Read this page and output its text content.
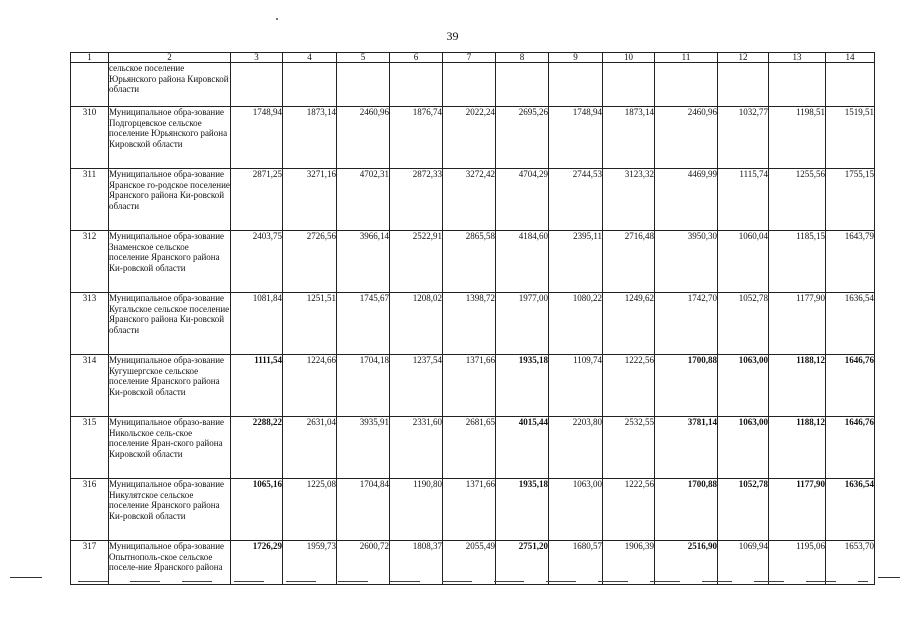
39
1	2	3	4	5	6	7	8	9	10	11	12	13	14
	сельское поселение Юрьянского района Кировской области												
310	Муниципальное обра-зование Подгорцевское сельское поселение Юрьянского района Кировской области	1748,94	1873,14	2460,96	1876,74	2022,24	2695,26	1748,94	1873,14	2460,96	1032,77	1198,51	1519,51
311	Муниципальное обра-зование Яранское го-родское поселение Яранского района Ки-ровской области	2871,25	3271,16	4702,31	2872,33	3272,42	4704,29	2744,53	3123,32	4469,99	1115,74	1255,56	1755,15
312	Муниципальное обра-зование Знаменское сельское поселение Яранского района Ки-ровской области	2403,75	2726,56	3966,14	2522,91	2865,58	4184,60	2395,11	2716,48	3950,30	1060,04	1185,15	1643,79
313	Муниципальное обра-зование Кугальское сельское поселение Яранского района Ки-ровской области	1081,84	1251,51	1745,67	1208,02	1398,72	1977,00	1080,22	1249,62	1742,70	1052,78	1177,90	1636,54
314	Муниципальное обра-зование Кугушергское сельское поселение Яранского района Ки-ровской области	1111,54	1224,66	1704,18	1237,54	1371,66	1935,18	1109,74	1222,56	1700,88	1063,00	1188,12	1646,76
315	Муниципальное образо-вание Никольское сель-ское поселение Яран-ского района Кировской области	2288,22	2631,04	3935,91	2331,60	2681,65	4015,44	2203,80	2532,55	3781,14	1063,00	1188,12	1646,76
316	Муниципальное обра-зование Никулятское сельское поселение Яранского района Ки-ровской области	1065,16	1225,08	1704,84	1190,80	1371,66	1935,18	1063,00	1222,56	1700,88	1052,78	1177,90	1636,54
317	Муниципальное обра-зование Опытнополь-ское сельское поселе-ние Яранского района	1726,29	1959,73	2600,72	1808,37	2055,49	2751,20	1680,57	1906,39	2516,90	1069,94	1195,06	1653,70
